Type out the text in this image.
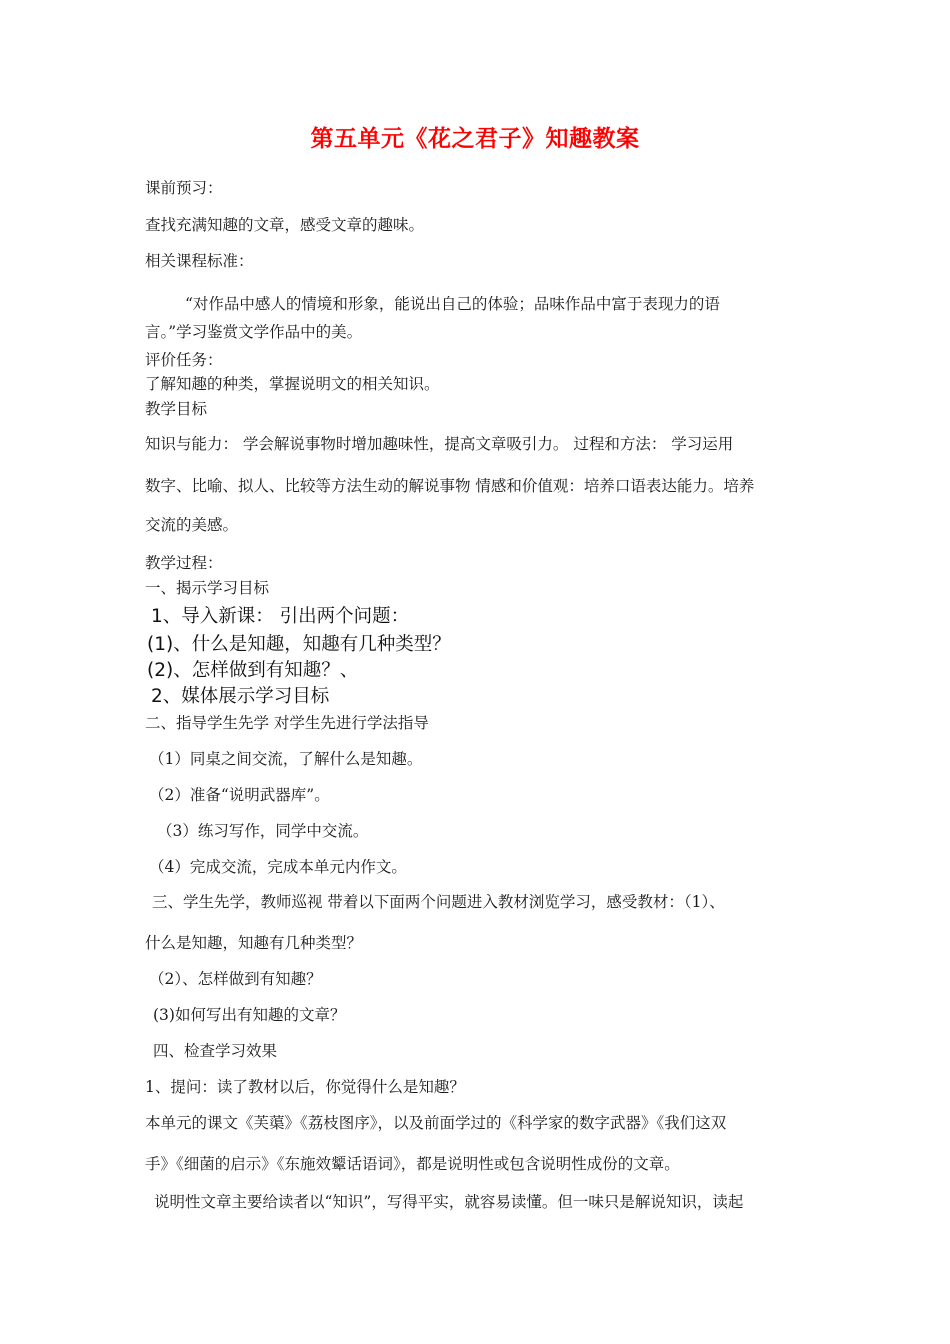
第五单元《花之君子》知趣教案
课前预习：
查找充满知趣的文章，感受文章的趣味。
相关课程标准：
“对作品中感人的情境和形象，能说出自己的体验；品味作品中富于表现力的语
言。”学习鉴赏文学作品中的美。
评价任务：
了解知趣的种类，掌握说明文的相关知识。
教学目标
知识与能力： 学会解说事物时增加趣味性，提高文章吸引力。 过程和方法： 学习运用
数字、比喻、拟人、比较等方法生动的解说事物 情感和价值观：培养口语表达能力。培养
交流的美感。
教学过程：
一、揭示学习目标
1、导入新课： 引出两个问题：
(1)、什么是知趣，知趣有几种类型？
(2)、怎样做到有知趣？、
2、媒体展示学习目标
二、指导学生先学 对学生先进行学法指导
（1）同桌之间交流，了解什么是知趣。
（2）准备“说明武器库”。
（3）练习写作，同学中交流。
（4）完成交流，完成本单元内作文。
三、学生先学，教师巡视 带着以下面两个问题进入教材浏览学习，感受教材：（1）、
什么是知趣，知趣有几种类型？
（2）、怎样做到有知趣？
(3)如何写出有知趣的文章？
四、检查学习效果
1、提问：读了教材以后，你觉得什么是知趣？
本单元的课文《芙蕖》《荔枝图序》，以及前面学过的《科学家的数字武器》《我们这双
手》《细菌的启示》《东施效颦话语词》，都是说明性或包含说明性成份的文章。
说明性文章主要给读者以“知识”，写得平实，就容易读懂。但一味只是解说知识，读起
